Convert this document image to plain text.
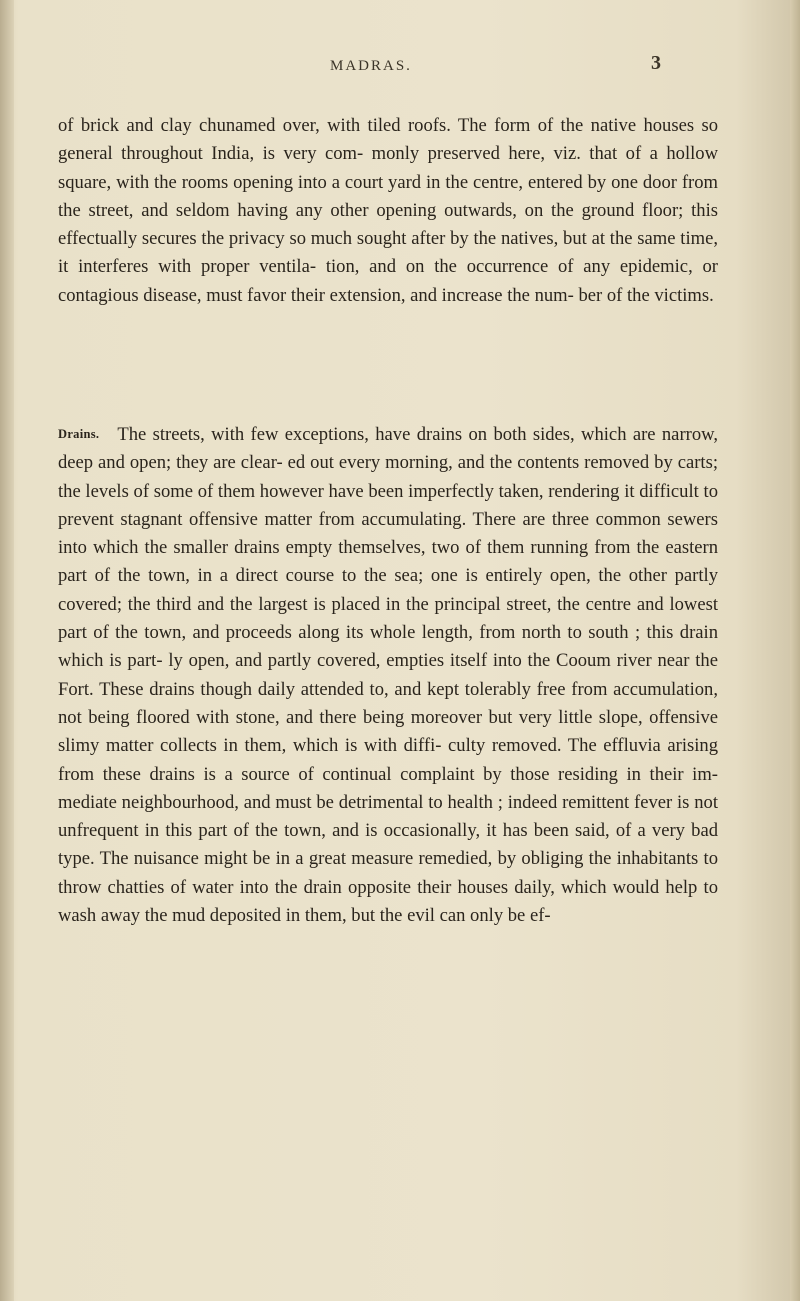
MADRAS.	3

of brick and clay chunamed over, with tiled roofs. The form of the native houses so general throughout India, is very com- monly preserved here, viz. that of a hollow square, with the rooms opening into a court yard in the centre, entered by one door from the street, and seldom having any other opening outwards, on the ground floor; this effectually secures the privacy so much sought after by the natives, but at the same time, it interferes with proper ventila- tion, and on the occurrence of any epidemic, or contagious disease, must favor their extension, and increase the num- ber of the victims.

Drains. The streets, with few exceptions, have drains on both sides, which are narrow, deep and open; they are clear- ed out every morning, and the contents removed by carts; the levels of some of them however have been imperfectly taken, rendering it difficult to prevent stagnant offensive matter from accumulating. There are three common sewers into which the smaller drains empty themselves, two of them running from the eastern part of the town, in a direct course to the sea; one is entirely open, the other partly covered; the third and the largest is placed in the principal street, the centre and lowest part of the town, and proceeds along its whole length, from north to south ; this drain which is part- ly open, and partly covered, empties itself into the Cooum river near the Fort. These drains though daily attended to, and kept tolerably free from accumulation, not being floored with stone, and there being moreover but very little slope, offensive slimy matter collects in them, which is with diffi- culty removed. The effluvia arising from these drains is a source of continual complaint by those residing in their im- mediate neighbourhood, and must be detrimental to health ; indeed remittent fever is not unfrequent in this part of the town, and is occasionally, it has been said, of a very bad type. The nuisance might be in a great measure remedied, by obliging the inhabitants to throw chatties of water into the drain opposite their houses daily, which would help to wash away the mud deposited in them, but the evil can only be ef-
